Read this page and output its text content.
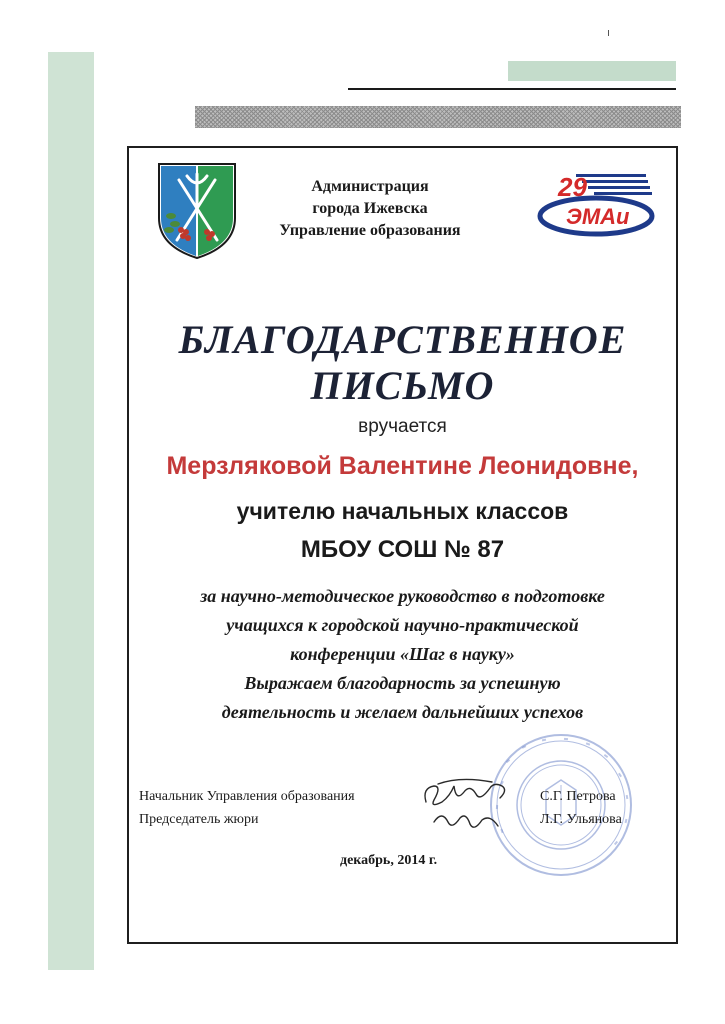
Администрация
города Ижевска
Управление образования
29
ЭМАи
БЛАГОДАРСТВЕННОЕ
ПИСЬМО
вручается
Мерзляковой Валентине Леонидовне,
учителю начальных классов
МБОУ СОШ № 87
за научно-методическое руководство в подготовке
учащихся к городской научно-практической
конференции «Шаг в науку»
Выражаем благодарность за успешную
деятельность и желаем дальнейших успехов
Начальник Управления образования
Председатель жюри
С.Г. Петрова
Л.Г. Ульянова
декабрь, 2014 г.
